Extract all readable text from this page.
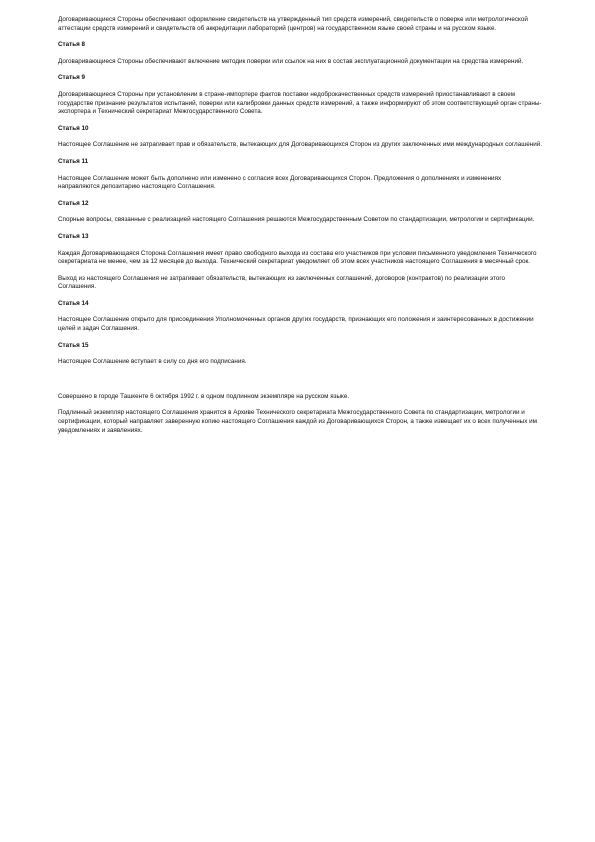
Договаривающиеся Стороны обеспечивают оформление свидетельств на утвержденный тип средств измерений, свидетельств о поверке или метрологической аттестации средств измерений и свидетельств об аккредитации лабораторий (центров) на государственном языке своей страны и на русском языке.
Статья 8
Договаривающиеся Стороны обеспечивают включение методик поверки или ссылок на них в состав эксплуатационной документации на средства измерений.
Статья 9
Договаривающиеся Стороны при установлении в стране-импортере фактов поставки недоброкачественных средств измерений приостанавливают в своем государстве признание результатов испытаний, поверки или калибровки данных средств измерений, а также информируют об этом соответствующий орган страны-экспортера и Технический секретариат Межгосударственного Совета.
Статья 10
Настоящее Соглашение не затрагивает прав и обязательств, вытекающих для Договаривающихся Сторон из других заключенных ими международных соглашений.
Статья 11
Настоящее Соглашение может быть дополнено или изменено с согласия всех Договаривающихся Сторон. Предложения о дополнениях и изменениях направляются депозитарию настоящего Соглашения.
Статья 12
Спорные вопросы, связанные с реализацией настоящего Соглашения решаются Межгосударственным Советом по стандартизации, метрологии и сертификации.
Статья 13
Каждая Договаривающаяся Сторона Соглашения имеет право свободного выхода из состава его участников при условии письменного уведомления Технического секретариата не менее, чем за 12 месяцев до выхода. Технический секретариат уведомляет об этом всех участников настоящего Соглашения в месячный срок.
Выход из настоящего Соглашения не затрагивает обязательств, вытекающих из заключенных соглашений, договоров (контрактов) по реализации этого Соглашения.
Статья 14
Настоящее Соглашение открыто для присоединения Уполномоченных органов других государств, признающих его положения и заинтересованных в достижении целей и задач Соглашения.
Статья 15
Настоящее Соглашение вступает в силу со дня его подписания.
Совершено в городе Ташкенте 6 октября 1992 г. в одном подлинном экземпляре на русском языке.
Подлинный экземпляр настоящего Соглашения хранится в Архиве Технического секретариата Межгосударственного Совета по стандартизации, метрологии и сертификации, который направляет заверенную копию настоящего Соглашения каждой из Договаривающихся Сторон, а также извещает их о всех полученных им уведомлениях и заявлениях.
